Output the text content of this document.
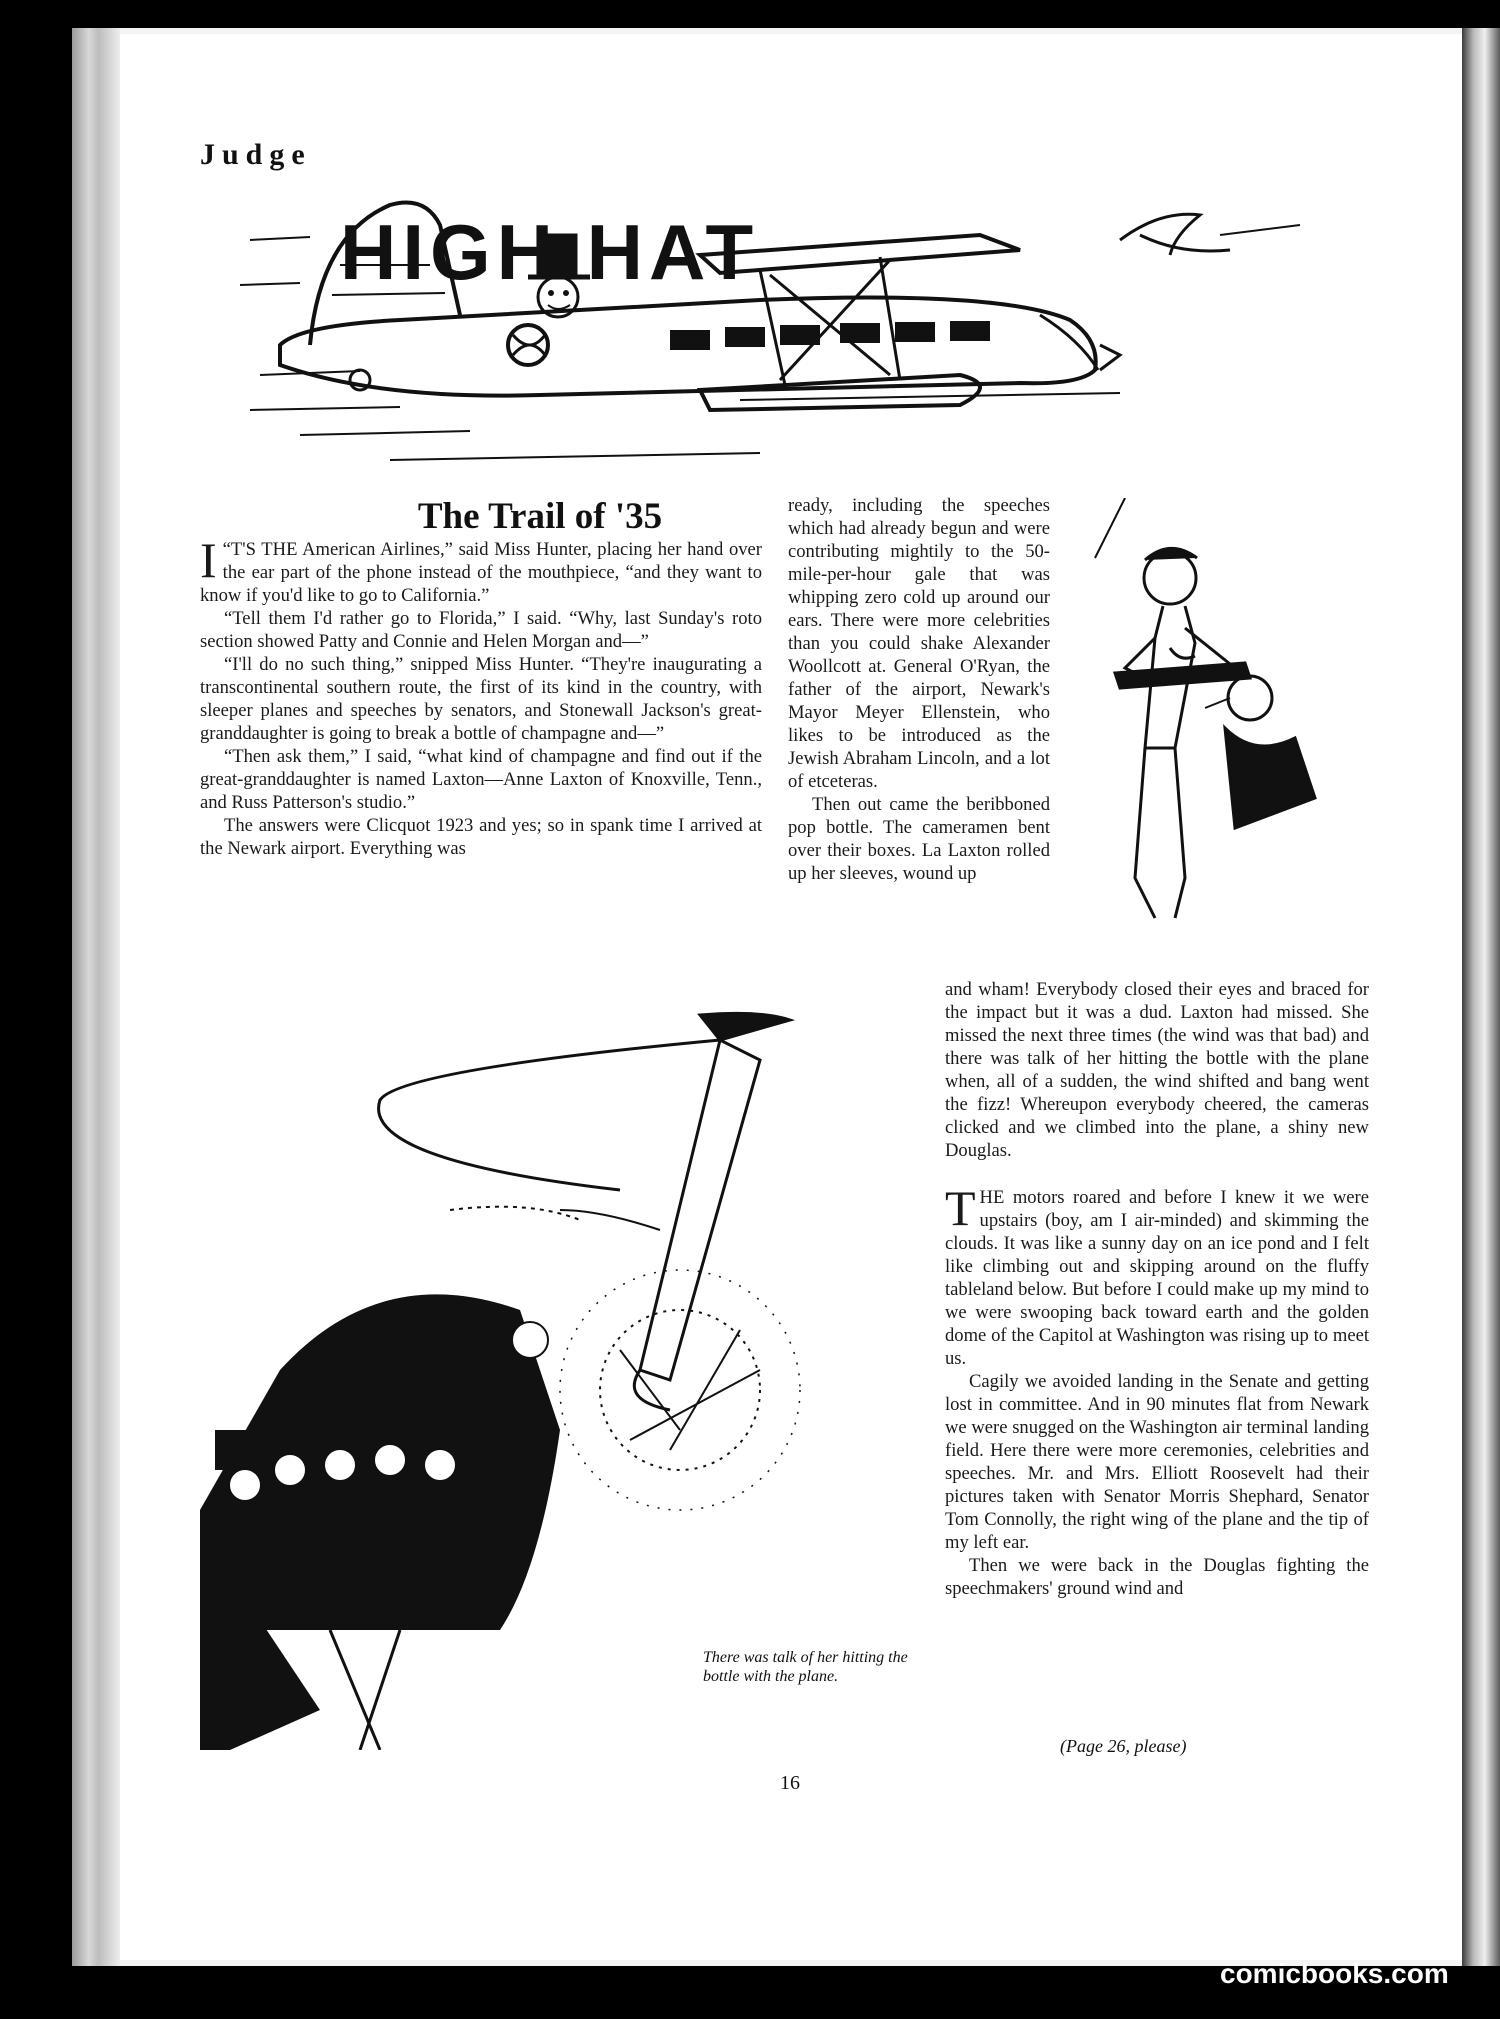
Judge
HIGH HAT
The Trail of '35

I “T'S THE American Airlines,” said Miss Hunter, placing her hand over the ear part of the phone instead of the mouthpiece, “and they want to know if you'd like to go to California.”

“Tell them I'd rather go to Florida,” I said. “Why, last Sunday's roto section showed Patty and Connie and Helen Morgan and—”

“I'll do no such thing,” snipped Miss Hunter. “They're inaugurating a transcontinental southern route, the first of its kind in the country, with sleeper planes and speeches by senators, and Stonewall Jackson's great-granddaughter is going to break a bottle of champagne and—”

“Then ask them,” I said, “what kind of champagne and find out if the great-granddaughter is named Laxton—Anne Laxton of Knoxville, Tenn., and Russ Patterson's studio.”

The answers were Clicquot 1923 and yes; so in spank time I arrived at the Newark airport. Everything was

ready, including the speeches which had already begun and were contributing mightily to the 50-mile-per-hour gale that was whipping zero cold up around our ears. There were more celebrities than you could shake Alexander Woollcott at. General O'Ryan, the father of the airport, Newark's Mayor Meyer Ellenstein, who likes to be introduced as the Jewish Abraham Lincoln, and a lot of etceteras.

Then out came the beribboned pop bottle. The cameramen bent over their boxes. La Laxton rolled up her sleeves, wound up

There was talk of her hitting the bottle with the plane.

and wham! Everybody closed their eyes and braced for the impact but it was a dud. Laxton had missed. She missed the next three times (the wind was that bad) and there was talk of her hitting the bottle with the plane when, all of a sudden, the wind shifted and bang went the fizz! Whereupon everybody cheered, the cameras clicked and we climbed into the plane, a shiny new Douglas.

THE motors roared and before I knew it we were upstairs (boy, am I air-minded) and skimming the clouds. It was like a sunny day on an ice pond and I felt like climbing out and skipping around on the fluffy tableland below. But before I could make up my mind to we were swooping back toward earth and the golden dome of the Capitol at Washington was rising up to meet us.

Cagily we avoided landing in the Senate and getting lost in committee. And in 90 minutes flat from Newark we were snugged on the Washington air terminal landing field. Here there were more ceremonies, celebrities and speeches. Mr. and Mrs. Elliott Roosevelt had their pictures taken with Senator Morris Shephard, Senator Tom Connolly, the right wing of the plane and the tip of my left ear.

Then we were back in the Douglas fighting the speechmakers' ground wind and

(Page 26, please)
16
comicbooks.com
